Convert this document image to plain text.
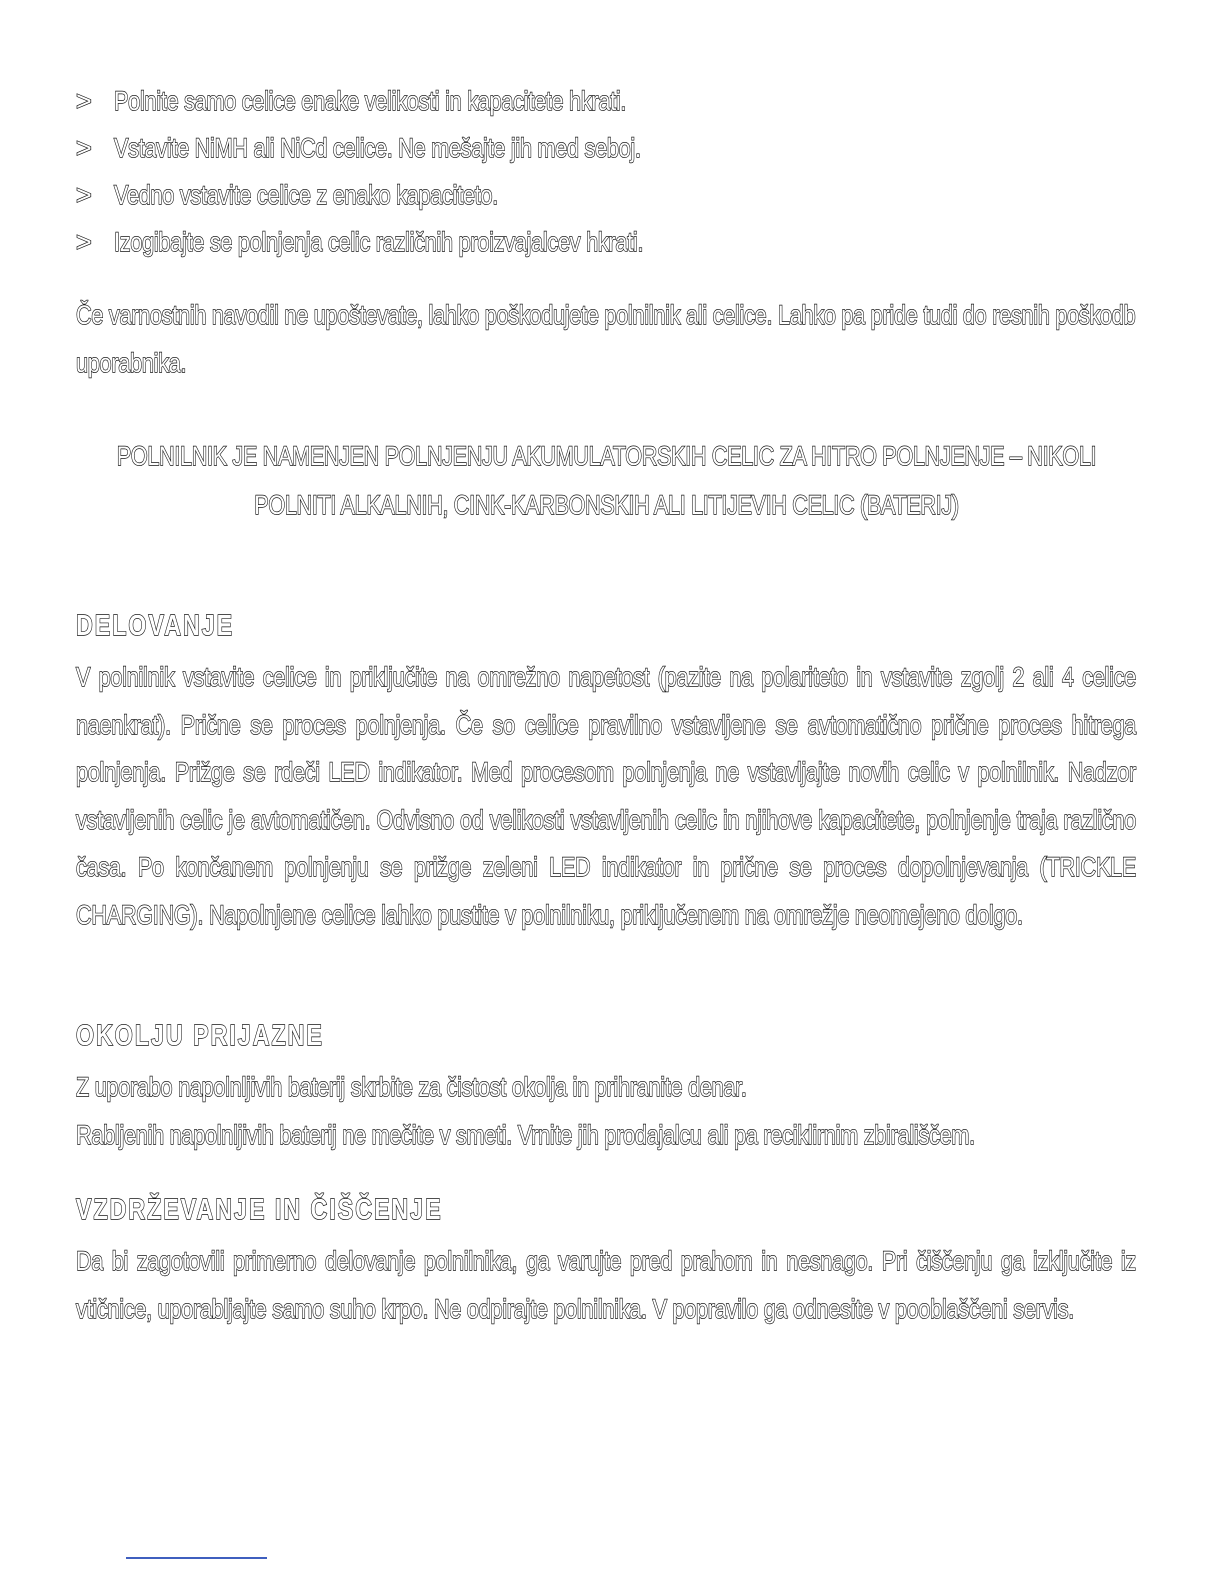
> Polnite samo celice enake velikosti in kapacitete hkrati.
> Vstavite NiMH ali NiCd celice. Ne mešajte jih med seboj.
> Vedno vstavite celice z enako kapaciteto.
> Izogibajte se polnjenja celic različnih proizvajalcev hkrati.
Če varnostnih navodil ne upoštevate, lahko poškodujete polnilnik ali celice. Lahko pa pride tudi do resnih poškodb uporabnika.
POLNILNIK JE NAMENJEN POLNJENJU AKUMULATORSKIH CELIC ZA HITRO POLNJENJE – NIKOLI POLNITI ALKALNIH, CINK-KARBONSKIH ALI LITIJEVIH CELIC (BATERIJ)
DELOVANJE
V polnilnik vstavite celice in priključite na omrežno napetost (pazite na polariteto in vstavite zgolj 2 ali 4 celice naenkrat). Prične se proces polnjenja. Če so celice pravilno vstavljene se avtomatično prične proces hitrega polnjenja. Prižge se rdeči LED indikator. Med procesom polnjenja ne vstavljajte novih celic v polnilnik. Nadzor vstavljenih celic je avtomatičen. Odvisno od velikosti vstavljenih celic in njihove kapacitete, polnjenje traja različno časa. Po končanem polnjenju se prižge zeleni LED indikator in prične se proces dopolnjevanja (TRICKLE CHARGING). Napolnjene celice lahko pustite v polnilniku, priključenem na omrežje neomejeno dolgo.
OKOLJU PRIJAZNE
Z uporabo napolnljivih baterij skrbite za čistost okolja in prihranite denar.
Rabljenih napolnljivih baterij ne mečite v smeti. Vrnite jih prodajalcu ali pa reciklirnim zbirališčem.
VZDRŽEVANJE IN ČIŠČENJE
Da bi zagotovili primerno delovanje polnilnika, ga varujte pred prahom in nesnago. Pri čiščenju ga izključite iz vtičnice, uporabljajte samo suho krpo. Ne odpirajte polnilnika. V popravilo ga odnesite v pooblaščeni servis.
